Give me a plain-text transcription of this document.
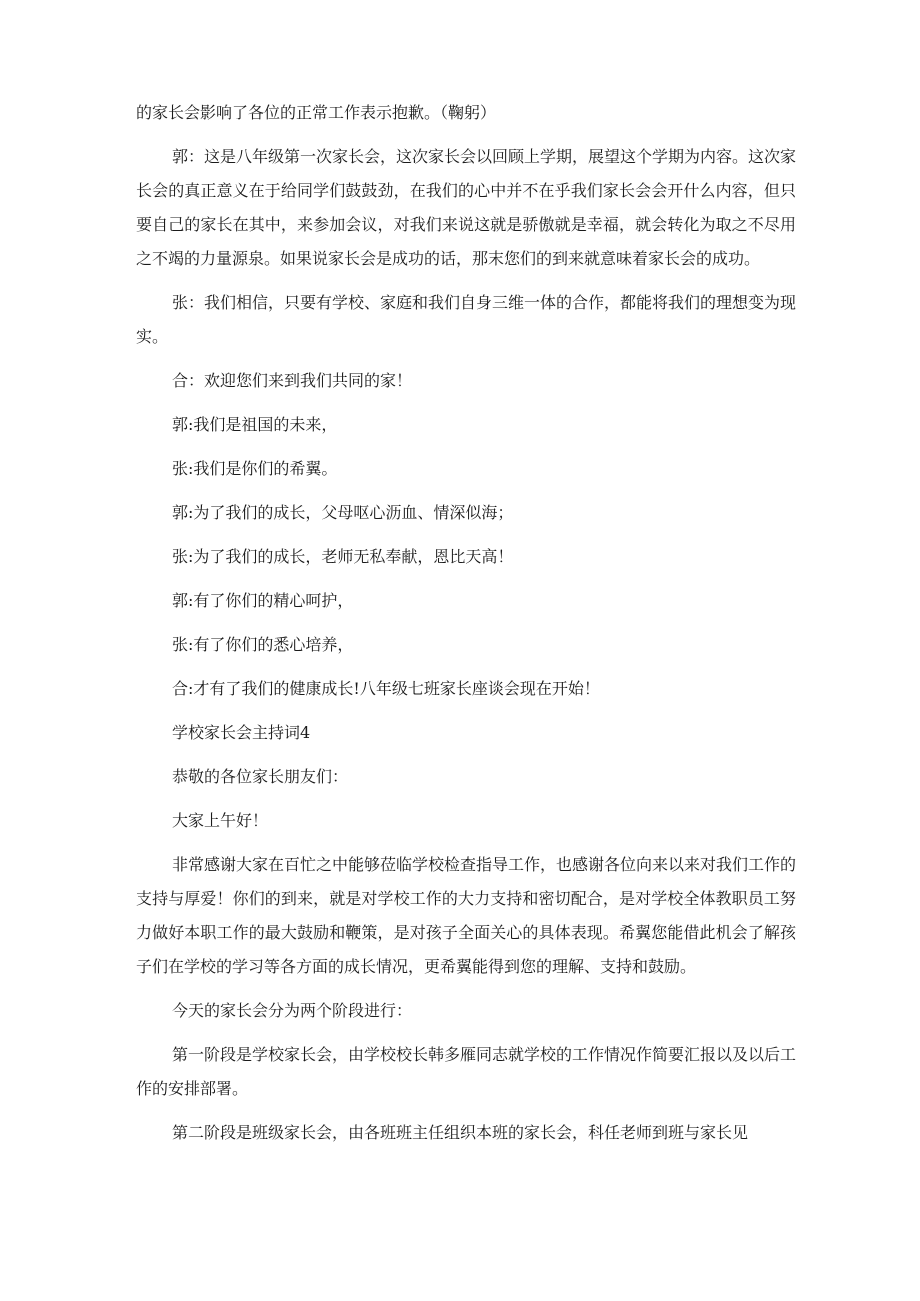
的家长会影响了各位的正常工作表示抱歉。（鞠躬）

郭：这是八年级第一次家长会，这次家长会以回顾上学期，展望这个学期为内容。这次家长会的真正意义在于给同学们鼓鼓劲，在我们的心中并不在乎我们家长会会开什么内容，但只要自己的家长在其中，来参加会议，对我们来说这就是骄傲就是幸福，就会转化为取之不尽用之不竭的力量源泉。如果说家长会是成功的话，那末您们的到来就意味着家长会的成功。

张：我们相信，只要有学校、家庭和我们自身三维一体的合作，都能将我们的理想变为现实。

合：欢迎您们来到我们共同的家！

郭:我们是祖国的未来，

张:我们是你们的希翼。

郭:为了我们的成长，父母呕心沥血、情深似海；

张:为了我们的成长，老师无私奉献，恩比天高！

郭:有了你们的精心呵护，

张:有了你们的悉心培养，

合:才有了我们的健康成长!八年级七班家长座谈会现在开始！

学校家长会主持词4

恭敬的各位家长朋友们：

大家上午好！

非常感谢大家在百忙之中能够莅临学校检查指导工作，也感谢各位向来以来对我们工作的支持与厚爱！你们的到来，就是对学校工作的大力支持和密切配合，是对学校全体教职员工努力做好本职工作的最大鼓励和鞭策，是对孩子全面关心的具体表现。希翼您能借此机会了解孩子们在学校的学习等各方面的成长情况，更希翼能得到您的理解、支持和鼓励。

今天的家长会分为两个阶段进行：

第一阶段是学校家长会，由学校校长韩多雁同志就学校的工作情况作简要汇报以及以后工作的安排部署。

第二阶段是班级家长会，由各班班主任组织本班的家长会，科任老师到班与家长见
